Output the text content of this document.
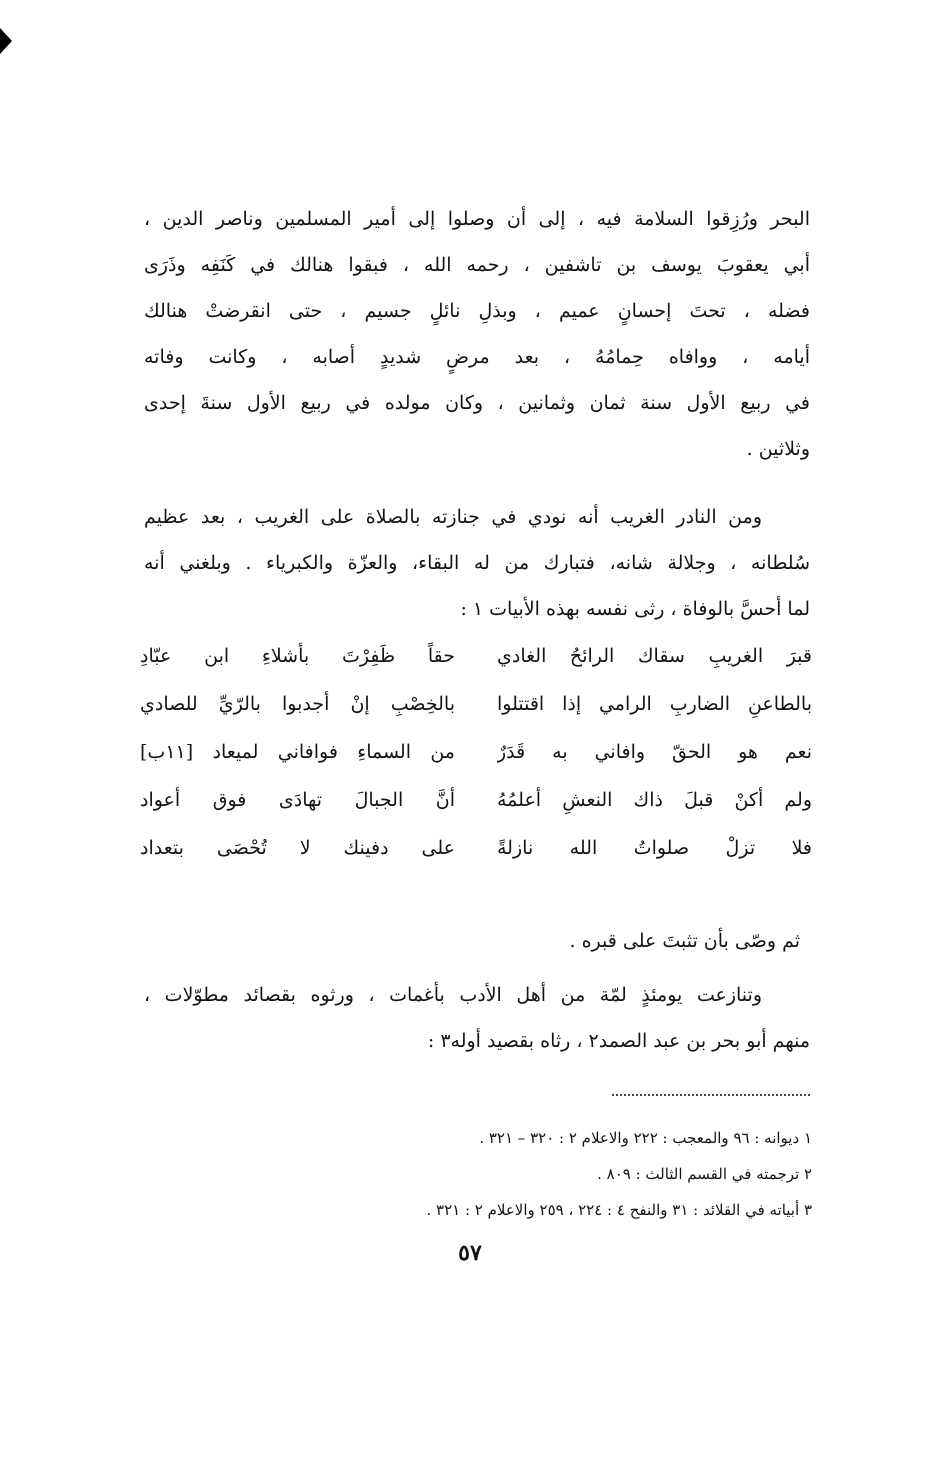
البحر ورُزِقوا السلامة فيه ، إلى أن وصلوا إلى أمير المسلمين وناصر الدين ،
أبي يعقوبَ يوسف بن تاشفين ، رحمه الله ، فبقوا هنالك في كَنَفِه وذَرَى
فضله ، تحتَ إحسانٍ عميم ، وبذلِ نائلٍ جسيم ، حتى انقرضتْ هنالك
أيامه ، ووافاه حِمامُهُ ، بعد مرضٍ شديدٍ أصابه ، وكانت وفاته
في ربيع الأول سنة ثمان وثمانين ، وكان مولده في ربيع الأول سنةَ إحدى
وثلاثين .
ومن النادر الغريب أنه نودي في جنازته بالصلاة على الغريب ، بعد عظيم
سُلطانه ، وجلالة شانه، فتبارك من له البقاء، والعزّة والكبرياء . وبلغني أنه
لما أحسَّ بالوفاة ، رثى نفسه بهذه الأبيات ١ :
قبرَ الغريبِ سقاك الرائحُ الغادي
حقاً ظَفِرْتَ بأشلاءِ ابن عبّادِ
بالطاعنِ الضاربِ الرامي إذا اقتتلوا
بالخِصْبِ إنْ أجدبوا بالرّيِّ للصادي
نعم هو الحقّ وافاني به قَدَرٌ
من السماءِ فوافاني لميعاد [١١ب]
ولم أكنْ قبلَ ذاك النعشِ أعلمُهُ
أنَّ الجبالَ تهادَى فوق أعواد
فلا تزلْ صلواتُ الله نازلةً
على دفينك لا تُحْصَى بتعداد
ثم وصّى بأن تثبتَ على قبره .
وتنازعت يومئذٍ لمّة من أهل الأدب بأغمات ، ورثوه بقصائد مطوّلات ،
منهم أبو بحر بن عبد الصمد٢ ، رثاه بقصيد أوله٣ :
١ ديوانه : ٩٦ والمعجب : ٢٢٢ والاعلام ٢ : ٣٢٠ – ٣٢١ .
٢ ترجمته في القسم الثالث : ٨٠٩ .
٣ أبياته في القلائد : ٣١ والنفح ٤ : ٢٢٤ ، ٢٥٩ والاعلام ٢ : ٣٢١ .
٥٧
